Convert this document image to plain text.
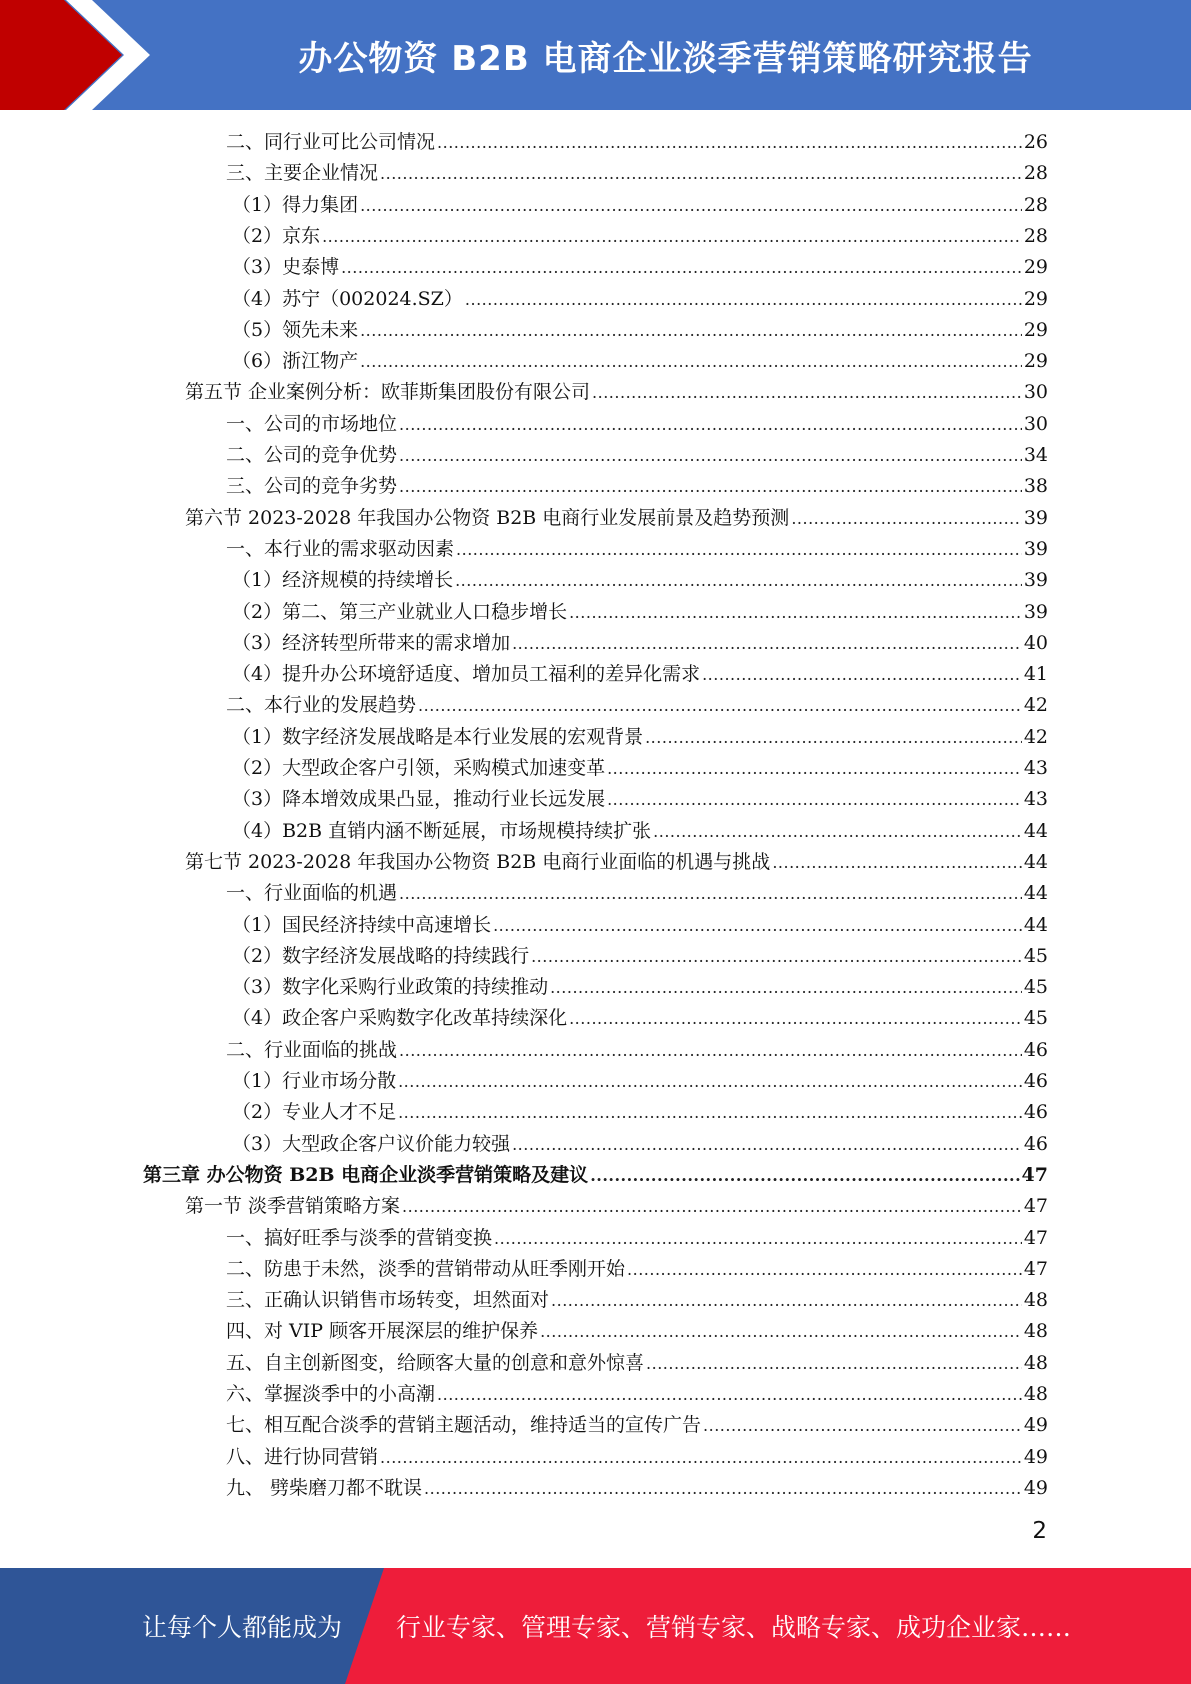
办公物资 B2B 电商企业淡季营销策略研究报告
二、同行业可比公司情况 .....	26
三、主要企业情况 .....	28
（1）得力集团 .....	28
（2）京东 .....	28
（3）史泰博 .....	29
（4）苏宁（002024.SZ） .....	29
（5）领先未来 .....	29
（6）浙江物产 .....	29
第五节 企业案例分析：欧菲斯集团股份有限公司 .....	30
一、公司的市场地位 .....	30
二、公司的竞争优势 .....	34
三、公司的竞争劣势 .....	38
第六节 2023-2028 年我国办公物资 B2B 电商行业发展前景及趋势预测 .....	39
一、本行业的需求驱动因素 .....	39
（1）经济规模的持续增长 .....	39
（2）第二、第三产业就业人口稳步增长 .....	39
（3）经济转型所带来的需求增加 .....	40
（4）提升办公环境舒适度、增加员工福利的差异化需求 .....	41
二、本行业的发展趋势 .....	42
（1）数字经济发展战略是本行业发展的宏观背景 .....	42
（2）大型政企客户引领，采购模式加速变革 .....	43
（3）降本增效成果凸显，推动行业长远发展 .....	43
（4）B2B 直销内涵不断延展，市场规模持续扩张 .....	44
第七节 2023-2028 年我国办公物资 B2B 电商行业面临的机遇与挑战 .....	44
一、行业面临的机遇 .....	44
（1）国民经济持续中高速增长 .....	44
（2）数字经济发展战略的持续践行 .....	45
（3）数字化采购行业政策的持续推动 .....	45
（4）政企客户采购数字化改革持续深化 .....	45
二、行业面临的挑战 .....	46
（1）行业市场分散 .....	46
（2）专业人才不足 .....	46
（3）大型政企客户议价能力较强 .....	46
第三章 办公物资 B2B 电商企业淡季营销策略及建议 .....	47
第一节 淡季营销策略方案 .....	47
一、搞好旺季与淡季的营销变换 .....	47
二、防患于未然，淡季的营销带动从旺季刚开始 .....	47
三、正确认识销售市场转变，坦然面对 .....	48
四、对 VIP 顾客开展深层的维护保养 .....	48
五、自主创新图变，给顾客大量的创意和意外惊喜 .....	48
六、掌握淡季中的小高潮 .....	48
七、相互配合淡季的营销主题活动，维持适当的宣传广告 .....	49
八、进行协同营销 .....	49
九、 劈柴磨刀都不耽误 .....	49
2
让每个人都能成为 行业专家、管理专家、营销专家、战略专家、成功企业家……
